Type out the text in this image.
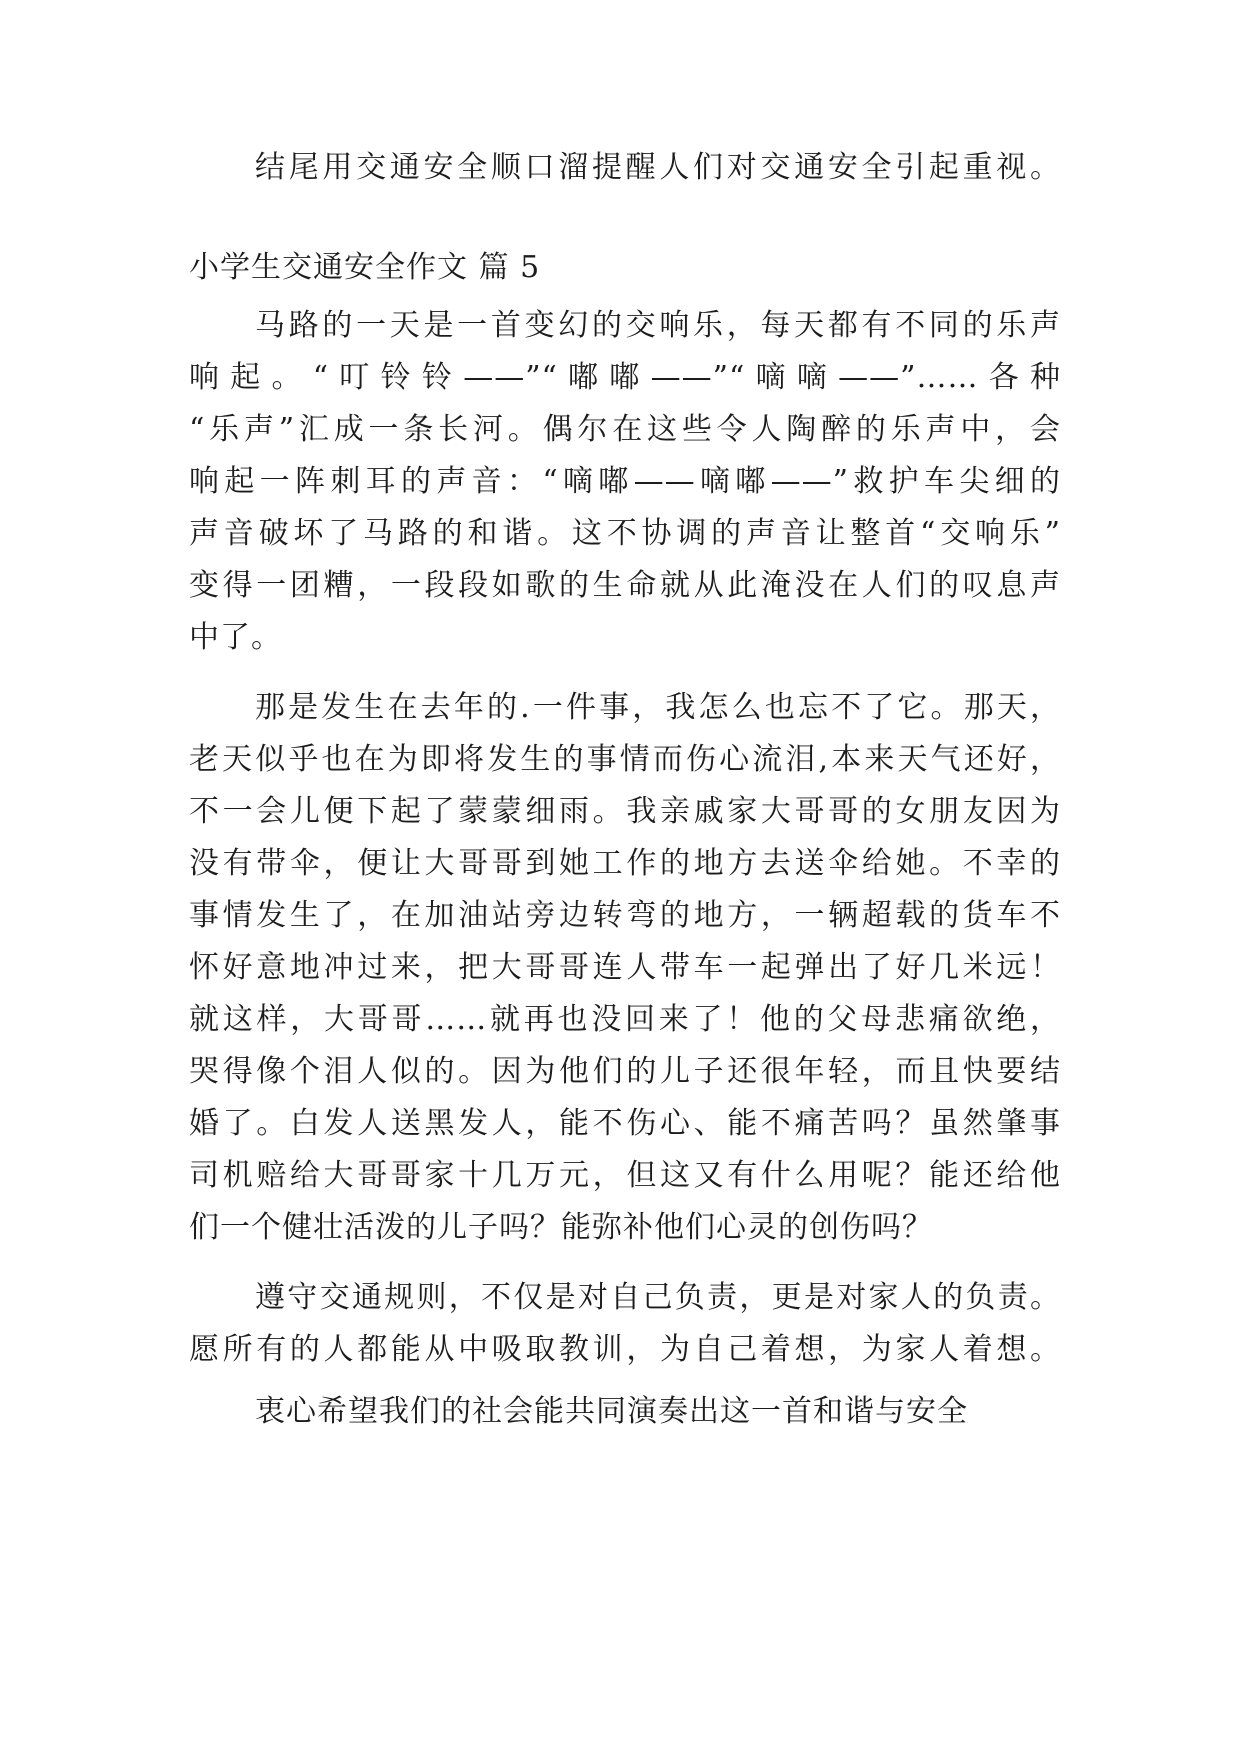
结尾用交通安全顺口溜提醒人们对交通安全引起重视。
小学生交通安全作文 篇 5
马路的一天是一首变幻的交响乐，每天都有不同的乐声
响起。“叮铃铃——”“嘟嘟——”“嘀嘀——”……各种
“乐声”汇成一条长河。偶尔在这些令人陶醉的乐声中，会
响起一阵刺耳的声音：“嘀嘟——嘀嘟——”救护车尖细的
声音破坏了马路的和谐。这不协调的声音让整首“交响乐”
变得一团糟，一段段如歌的生命就从此淹没在人们的叹息声
中了。
那是发生在去年的.一件事，我怎么也忘不了它。那天，
老天似乎也在为即将发生的事情而伤心流泪,本来天气还好，
不一会儿便下起了蒙蒙细雨。我亲戚家大哥哥的女朋友因为
没有带伞，便让大哥哥到她工作的地方去送伞给她。不幸的
事情发生了，在加油站旁边转弯的地方，一辆超载的货车不
怀好意地冲过来，把大哥哥连人带车一起弹出了好几米远！
就这样，大哥哥……就再也没回来了！他的父母悲痛欲绝，
哭得像个泪人似的。因为他们的儿子还很年轻，而且快要结
婚了。白发人送黑发人，能不伤心、能不痛苦吗？虽然肇事
司机赔给大哥哥家十几万元，但这又有什么用呢？能还给他
们一个健壮活泼的儿子吗？能弥补他们心灵的创伤吗？
遵守交通规则，不仅是对自己负责，更是对家人的负责。
愿所有的人都能从中吸取教训，为自己着想，为家人着想。
衷心希望我们的社会能共同演奏出这一首和谐与安全
